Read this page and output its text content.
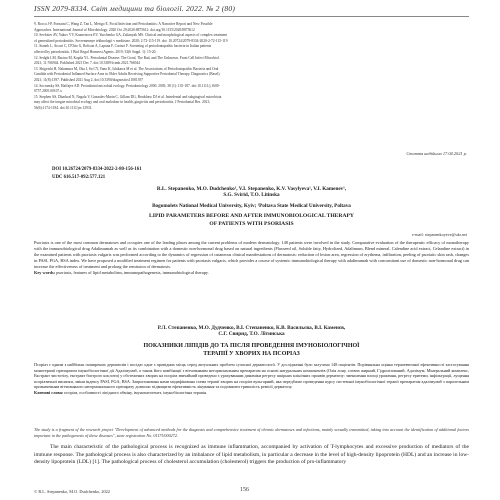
ISSN 2079-8334. Світ медицини та біології. 2022. № 2 (80)
9. Rocca J-P, Fornaini C, Wang Z, Tan L, Merigo E. Focal Infection and Periodontitis: A Narrative Report and New Possible
Approaches. International Journal of Microbiology. 2020 Oct 29;2020:8875612. doi.org/10.1155/2020/8875612
10. Sevbitov AV, Yakov VV, Kuznetsova EV, Yurchenko GA, Zaliznyak MS. Clinical and morphological aspects of complex treatment
of generalized periodontitis. Sovremennye tekhnologii v meditsine. 2020; 2:72-115-119. doi: 10.20724/2079-8334-2020-2-72-115-119
11. Stanek L, Arcuri C, D'Otto G, Rolison A, Lapuna F, Carinci F. Screening of periodontopathic bacteria in Italian patients
affected by periodontitis. J Biol Regul Homeost Agents. 2019; 33(6 Suppl. 1): 15-20.
12. Sedghi LM, Bacino M, Kapila YL. Periodontal Disease: The Good, The Bad, and The Unknown. Front Cell Infect Microbiol.
2021; 11:766944. Published 2021 Dec 7. doi:10.3389/fcimb.2021.766944
13. Shigeishi H, Nakamura M, Oka I, Su CY, Yano K, Ishikawa M et al. The Associations of Periodontopathic Bacteria and Oral
Candida with Periodontal Inflamed Surface Area in Older Adults Receiving Supportive Periodontal Therapy. Diagnostics (Basel).
2021; 11(8):1397. Published 2021 Aug 2. doi:10.3390/diagnostics11081397
14. Socransky SS, Haffajee AD. Periodontal microbial ecology. Periodontology 2000. 2005; 38 (1): 135-187. doi:10.1111/j.1600-
0757.2005.00107.x
15. Stephen AS, Dhadwal N, Nagala V, Gonzales-Marin C, Gillam DG, Bradshaw DJ et al. Interdental and subgingival microbiota
may affect the tongue microbial ecology and oral malodour in health, gingivitis and periodontitis. J Periodontal Res. 2021;
56(6):1174-1184. doi:10.1111/jre.12931.
Стаття надійшла 17.04.2021 р.
DOI 10.26724/2079-8334-2022-2-80-156-161
UDC 616.517-092:577.121
R.L. Stepanenko, M.O. Dudchenko¹, V.I. Stepanenko, K.V. Vasylyeva¹, V.I. Kamenev¹,
S.G. Svirid, T.O. Litinska
Bogomolets National Medical University, Kyiv; ¹Poltava State Medical University, Poltava
LIPID PARAMETERS BEFORE AND AFTER IMMUNOBIOLOGICAL THERAPY
OF PATIENTS WITH PSORIASIS
e-mail: stepanenkoyeve@ukr.net

Psoriasis is one of the most common dermatoses and occupies one of the leading places among the current problems of modern dermatology. 148 patients were involved in the study. Comparative evaluation of the therapeutic efficacy of monotherapy with the immunobiological drug Adalimumab as well as its combination with a domestic non-hormonal drug based on natural ingredients (Flaxseed oil, Soluble fatty, Hydrolized, Adalimum, Blend mineral, Calendine acid extract, Celandine extract) in the examined patients with psoriasis vulgaris was performed according to the dynamics of regression of cutaneous clinical manifestations of dermatosis: reduction of lesion area, regression of erythema, infiltration, peeling of psoriatic skin rash, changes in PASI, PGA, BSA index. We have proposed a modified treatment regimen for patients with psoriasis vulgaris, which provides a course of systemic immunobiological therapy with adalimumab with concomitant use of domestic non-hormonal drug can increase the effectiveness of treatment and prolong the remission of dermatosis.

Key words: psoriasis, features of lipid metabolism, immunopathogenesis, immunobiological therapy.

Р.Л. Степаненко, М.О. Дудченко, В.І. Степаненко, К.В. Васильєва, В.І. Каменєв,
С.Г. Свирид, Т.О. Літинська
ПОКАЗНИКИ ЛІПІДІВ ДО ТА ПІСЛЯ ПРОВЕДЕННЯ ІМУНОБІОЛОГІЧНОЇ
ТЕРАПІЇ У ХВОРИХ НА ПСОРІАЗ
Псоріаз є одним з найбільш поширених дерматозів і посідає одне з провідних місць серед актуальних проблем сучасної дерматології. У дослідженні було залучено 148 пацієнтів. Порівняльна оцінка терапевтичної ефективності застосування монотерапії препаратом імунобіологічної дії Адалімумаб, а також його комбінації з вітчизняним негормональним препаратом на основі натуральних компонентів (Олія лону, соєвих жирний, Гідролізований, Адалімум, Мінеральний комплекс, Екстракт чистотілу, екстракт бистрого кислоти) у обстежених хворих на псоріаз звичайний проведено з урахуванням динаміки регресу шкірних клінічних проявів дерматозу: зменшення площі ураження, регресу еритеми, інфільтрації, лущення псоріатичної висипки, зміни індексу PASI, PGA, BSA. Запропонована нами модифікована схема терапії хворих на псоріаз вульгарний, яка передбачає проведення курсу системної імунобіологічної терапії препаратом адалімумаб з паралельним призначенням вітчизняного негормонального препарату дозволяє підвищити ефективність лікування та подовжити тривалість ремісії дерматозу.
Ключові слова: псоріаз, особливості ліпідного обміну, імунопатогенез, імунобіологічна терапія.
The study is a fragment of the research project "Development of advanced methods for the diagnosis and comprehensive treatment of chronic dermatoses and infections, mainly sexually transmitted, taking into account the identification of additional factors important in the pathogenesis of these diseases", state registration No. 0117U000272.

The main characteristic of the pathological process is recognized as immune inflammation, accompanied by activation of T-lymphocytes and excessive production of mediators of the immune response. The pathological process is also characterized by an imbalance of lipid metabolism, in particular a decrease in the level of high-density lipoprotein (HDL) and an increase in low-density lipoprotein (LDL) [1]. The pathological process of cholesterol accumulation (cholesterol) triggers the production of pro-inflammatory

© R.L. Stepanenko, M.O. Dudchenko, 2022	156
